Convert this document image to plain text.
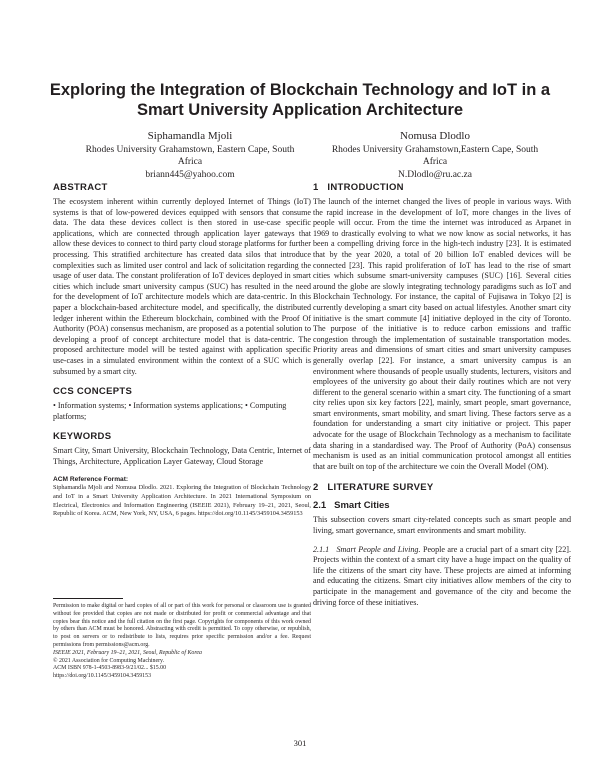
Exploring the Integration of Blockchain Technology and IoT in a Smart University Application Architecture
Siphamandla Mjoli
Rhodes University Grahamstown, Eastern Cape, South Africa
briann445@yahoo.com
Nomusa Dlodlo
Rhodes University Grahamstown,Eastern Cape, South Africa
N.Dlodlo@ru.ac.za
ABSTRACT

The ecosystem inherent within currently deployed Internet of Things (IoT) systems is that of low-powered devices equipped with sensors that consume data. The data these devices collect is then stored in use-case specific applications, which are connected through application layer gateways that allow these devices to connect to third party cloud storage platforms for further processing. This stratified architecture has created data silos that introduce complexities such as limited user control and lack of solicitation regarding the usage of user data. The constant proliferation of IoT devices deployed in smart cities which include smart university campus (SUC) has resulted in the need for the development of IoT architecture models which are data-centric. In this paper a blockchain-based architecture model, and specifically, the distributed ledger inherent within the Ethereum blockchain, combined with the Proof Of Authority (POA) consensus mechanism, are proposed as a potential solution to developing a proof of concept architecture model that is data-centric. The proposed architecture model will be tested against with application specific use-cases in a simulated environment within the context of a SUC which is subsumed by a smart city.

CCS CONCEPTS
• Information systems; • Information systems applications; • Computing platforms;
KEYWORDS

Smart City, Smart University, Blockchain Technology, Data Centric, Internet of Things, Architecture, Application Layer Gateway, Cloud Storage

ACM Reference Format:
Siphamandla Mjoli and Nomusa Dlodlo. 2021. Exploring the Integration of Blockchain Technology and IoT in a Smart University Application Architecture. In 2021 International Symposium on Electrical, Electronics and Information Engineering (ISEEIE 2021), February 19–21, 2021, Seoul, Republic of Korea. ACM, New York, NY, USA, 6 pages. https://doi.org/10.1145/3459104.3459153
Permission to make digital or hard copies of all or part of this work for personal or classroom use is granted without fee provided that copies are not made or distributed for profit or commercial advantage and that copies bear this notice and the full citation on the first page. Copyrights for components of this work owned by others than ACM must be honored. Abstracting with credit is permitted. To copy otherwise, or republish, to post on servers or to redistribute to lists, requires prior specific permission and/or a fee. Request permissions from permissions@acm.org.
ISEEIE 2021, February 19–21, 2021, Seoul, Republic of Korea
© 2021 Association for Computing Machinery.
ACM ISBN 978-1-4503-8983-9/21/02... $15.00
https://doi.org/10.1145/3459104.3459153
1   INTRODUCTION

The launch of the internet changed the lives of people in various ways. With the rapid increase in the development of IoT, more changes in the lives of people will occur. From the time the internet was introduced as Arpanet in 1969 to drastically evolving to what we now know as social networks, it has been a compelling driving force in the high-tech industry [23]. It is estimated that by the year 2020, a total of 20 billion IoT enabled devices will be connected [23]. This rapid proliferation of IoT has lead to the rise of smart cities which subsume smart-university campuses (SUC) [16]. Several cities around the globe are slowly integrating technology paradigms such as IoT and Blockchain Technology. For instance, the capital of Fujisawa in Tokyo [2] is currently developing a smart city based on actual lifestyles. Another smart city initiative is the smart commute [4] initiative deployed in the city of Toronto. The purpose of the initiative is to reduce carbon emissions and traffic congestion through the implementation of sustainable transportation modes. Priority areas and dimensions of smart cities and smart university campuses generally overlap [22]. For instance, a smart university campus is an environment where thousands of people usually students, lecturers, visitors and employees of the university go about their daily routines which are not very different to the general scenario within a smart city. The functioning of a smart city relies upon six key factors [22], mainly, smart people, smart governance, smart environments, smart mobility, and smart living. These factors serve as a foundation for understanding a smart city initiative or project. This paper advocate for the usage of Blockchain Technology as a mechanism to facilitate data sharing in a standardised way. The Proof of Authority (PoA) consensus mechanism is used as an initial communication protocol amongst all entities that are built on top of the architecture we coin the Overall Model (OM).

2   LITERATURE SURVEY
2.1   Smart Cities

This subsection covers smart city-related concepts such as smart people and living, smart governance, smart environments and smart mobility.

2.1.1   Smart People and Living. People are a crucial part of a smart city [22]. Projects within the context of a smart city have a huge impact on the quality of life the citizens of the smart city have. These projects are aimed at informing and educating the citizens. Smart city initiatives allow members of the city to participate in the management and governance of the city and become the driving force of these initiatives.
301
